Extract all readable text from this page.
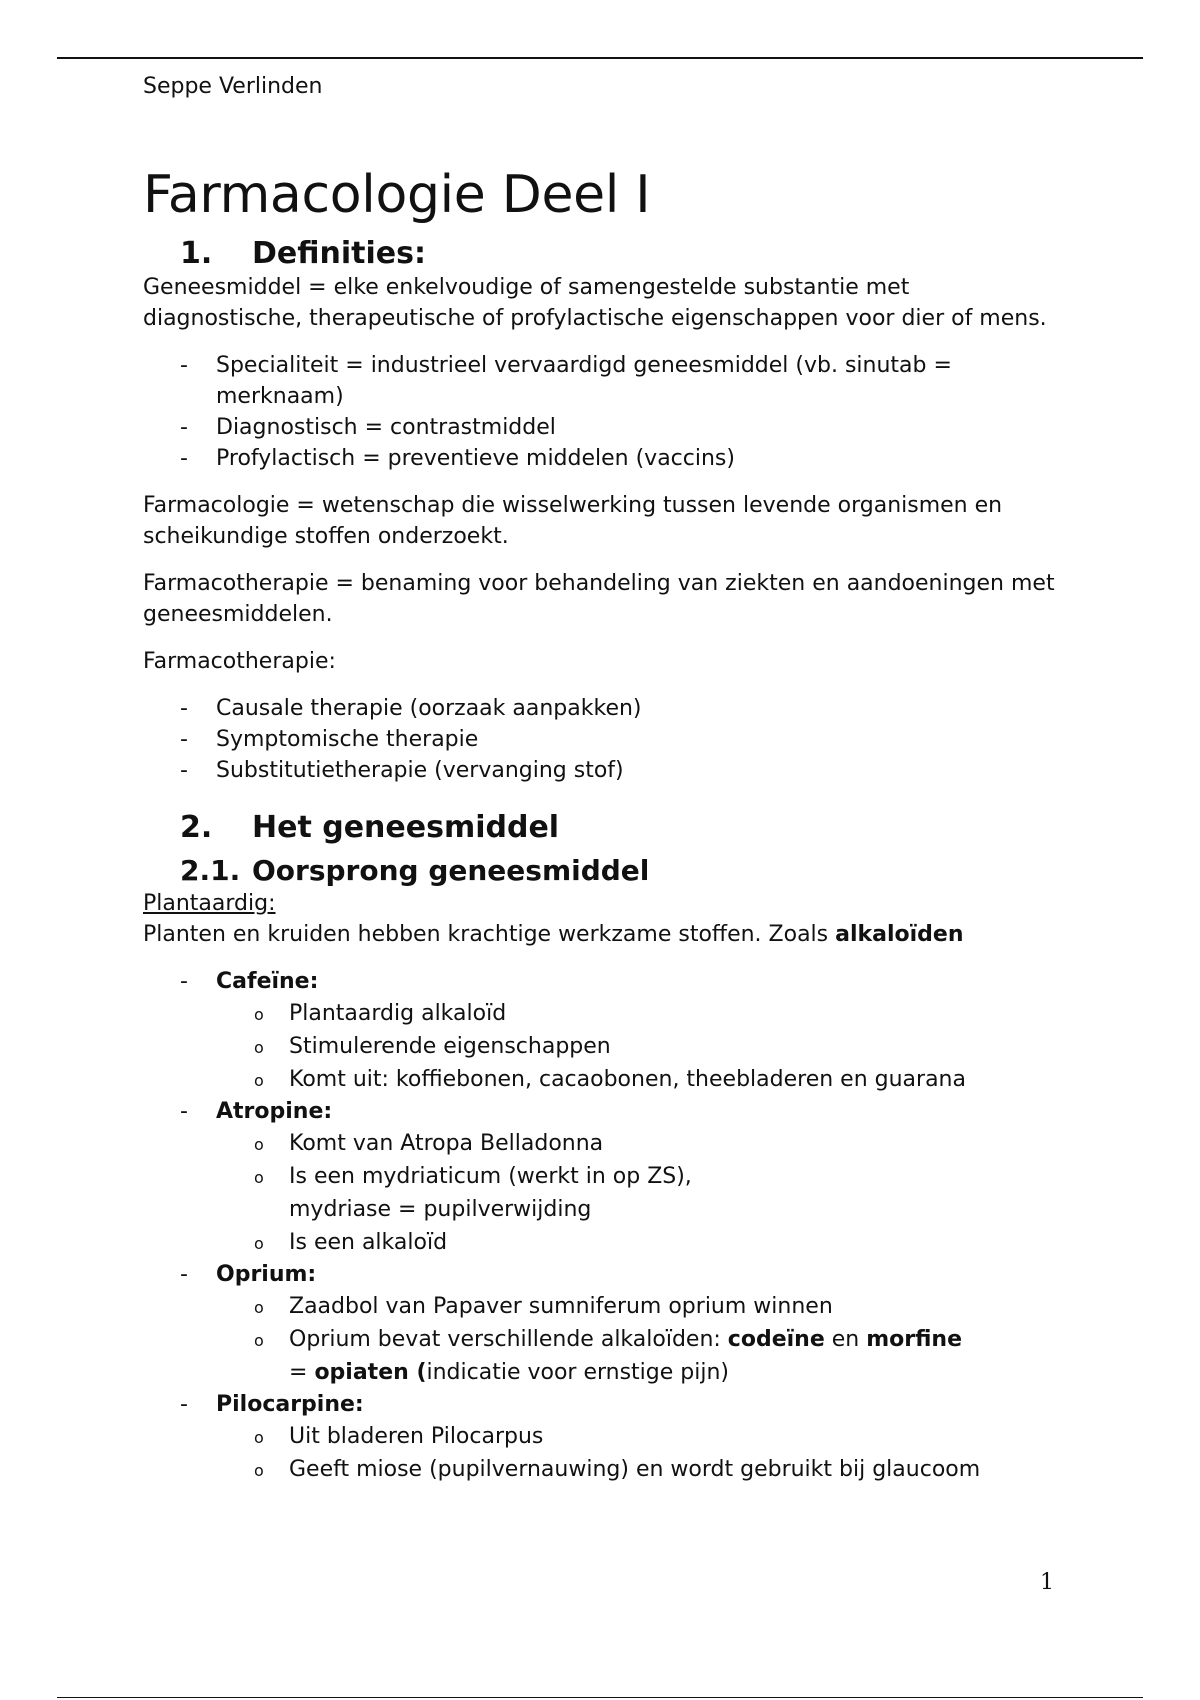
Seppe Verlinden

Farmacologie Deel I
1. Definities:

Geneesmiddel = elke enkelvoudige of samengestelde substantie met diagnostische, therapeutische of profylactische eigenschappen voor dier of mens.

- Specialiteit = industrieel vervaardigd geneesmiddel (vb. sinutab = merknaam)
- Diagnostisch = contrastmiddel
- Profylactisch = preventieve middelen (vaccins)

Farmacologie = wetenschap die wisselwerking tussen levende organismen en scheikundige stoffen onderzoekt.

Farmacotherapie = benaming voor behandeling van ziekten en aandoeningen met geneesmiddelen.

Farmacotherapie:

- Causale therapie (oorzaak aanpakken)
- Symptomische therapie
- Substitutietherapie (vervanging stof)
2. Het geneesmiddel
2.1. Oorsprong geneesmiddel

Plantaardig:

Planten en kruiden hebben krachtige werkzame stoffen. Zoals alkaloïden

- Cafeïne:
o Plantaardig alkaloïd
o Stimulerende eigenschappen
o Komt uit: koffiebonen, cacaobonen, theebladeren en guarana
- Atropine:
o Komt van Atropa Belladonna
o Is een mydriaticum (werkt in op ZS),
mydriase = pupilverwijding
o Is een alkaloïd
- Oprium:
o Zaadbol van Papaver sumniferum oprium winnen
o Oprium bevat verschillende alkaloïden: codeïne en morfine
= opiaten (indicatie voor ernstige pijn)
- Pilocarpine:
o Uit bladeren Pilocarpus
o Geeft miose (pupilvernauwing) en wordt gebruikt bij glaucoom
1
